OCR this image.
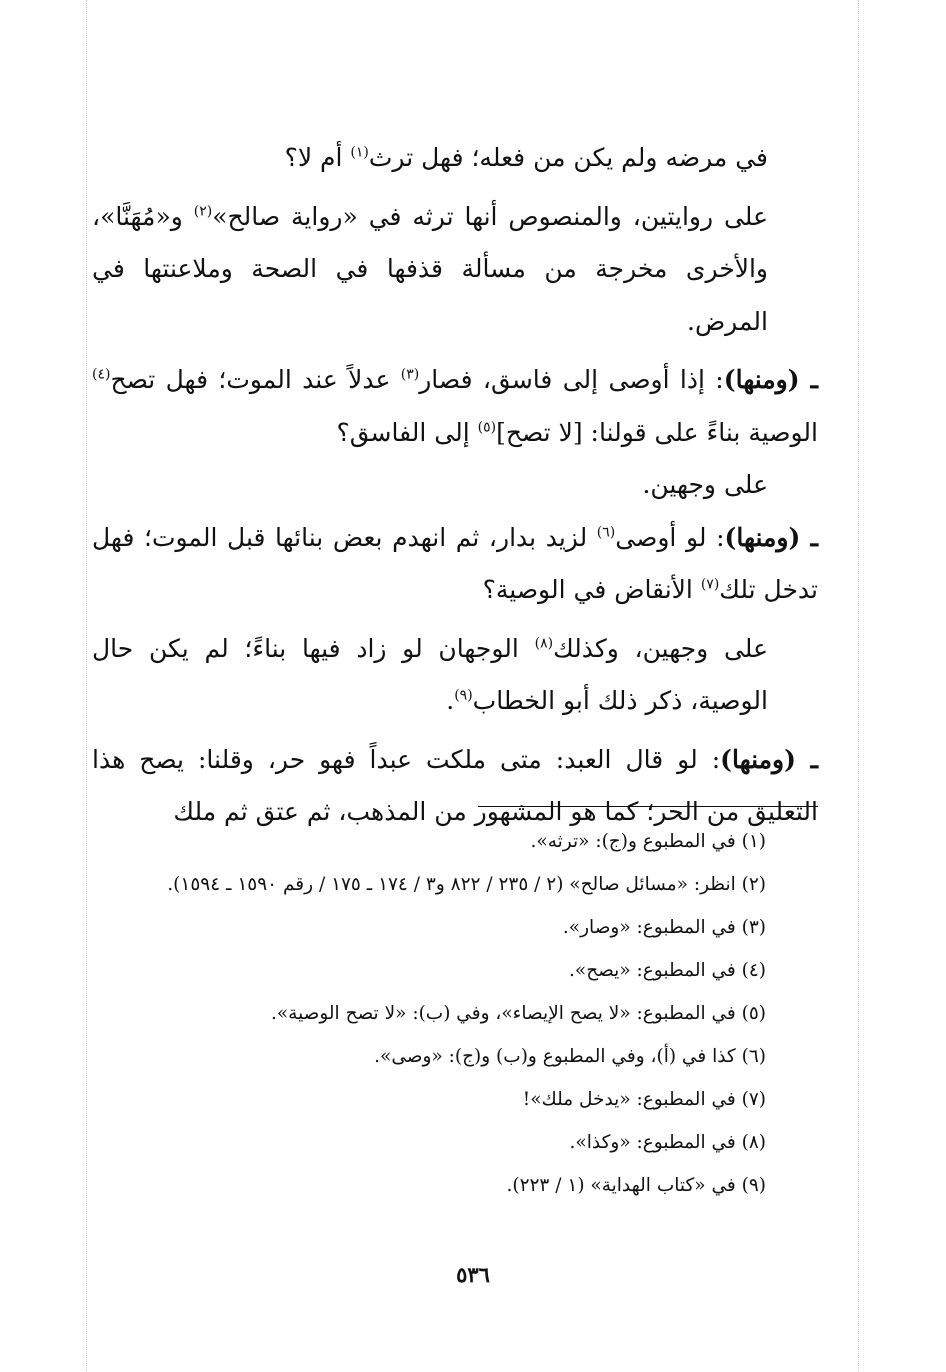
في مرضه ولم يكن من فعله؛ فهل ترث$^{(١)}$ أم لا؟

على روايتين، والمنصوص أنها ترثه في «رواية صالح»$^{(٢)}$ و«مُهَنَّا»، والأخرى مخرجة من مسألة قذفها في الصحة وملاعنتها في المرض.

ـ (ومنها): إذا أوصى إلى فاسق، فصار$^{(٣)}$ عدلاً عند الموت؛ فهل تصح$^{(٤)}$ الوصية بناءً على قولنا: [لا تصح]$^{(٥)}$ إلى الفاسق؟

على وجهين.

ـ (ومنها): لو أوصى$^{(٦)}$ لزيد بدار، ثم انهدم بعض بنائها قبل الموت؛ فهل تدخل تلك$^{(٧)}$ الأنقاض في الوصية؟

على وجهين، وكذلك$^{(٨)}$ الوجهان لو زاد فيها بناءً؛ لم يكن حال الوصية، ذكر ذلك أبو الخطاب$^{(٩)}$.

ـ (ومنها): لو قال العبد: متى ملكت عبداً فهو حر، وقلنا: يصح هذا التعليق من الحر؛ كما هو المشهور من المذهب، ثم عتق ثم ملك

(١) في المطبوع و(ج): «ترثه».

(٢) انظر: «مسائل صالح» (٢ / ٢٣٥ / ٨٢٢ و٣ / ١٧٤ ـ ١٧٥ / رقم ١٥٩٠ ـ ١٥٩٤).

(٣) في المطبوع: «وصار».

(٤) في المطبوع: «يصح».

(٥) في المطبوع: «لا يصح الإيصاء»، وفي (ب): «لا تصح الوصية».

(٦) كذا في (أ)، وفي المطبوع و(ب) و(ج): «وصى».

(٧) في المطبوع: «يدخل ملك»!

(٨) في المطبوع: «وكذا».

(٩) في «كتاب الهداية» (١ / ٢٢٣).

٥٣٦
